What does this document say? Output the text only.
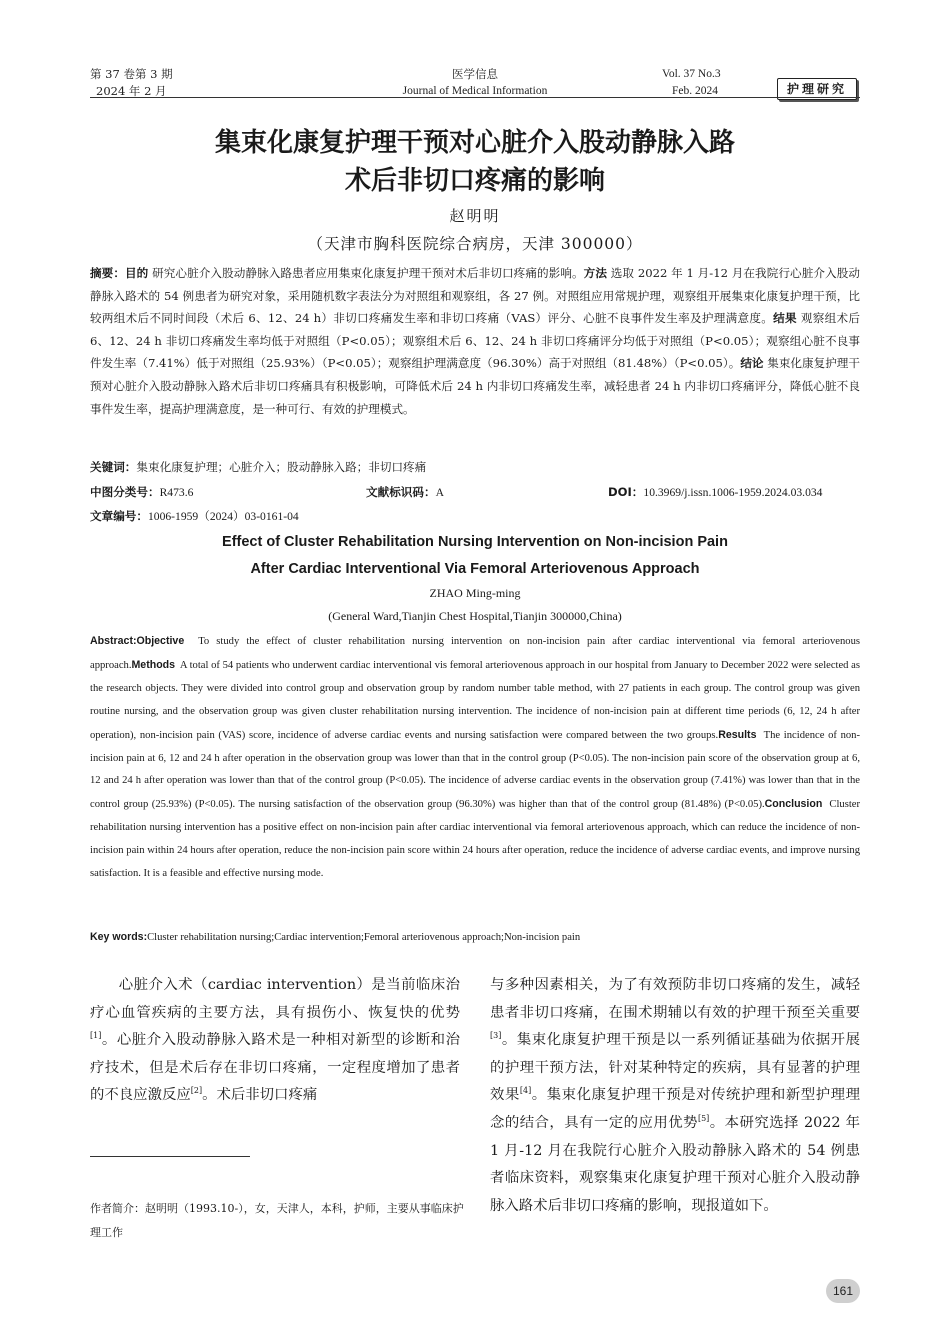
第 37 卷第 3 期
2024 年 2 月
医学信息
Journal of Medical Information
Vol. 37 No.3
Feb. 2024	护理研究
集束化康复护理干预对心脏介入股动静脉入路
术后非切口疼痛的影响
赵明明
（天津市胸科医院综合病房，天津 300000）
摘要：目的 研究心脏介入股动静脉入路患者应用集束化康复护理干预对术后非切口疼痛的影响。方法 选取 2022 年 1 月-12 月在我院行心脏介入股动静脉入路术的 54 例患者为研究对象，采用随机数字表法分为对照组和观察组，各 27 例。对照组应用常规护理，观察组开展集束化康复护理干预，比较两组术后不同时间段（术后 6、12、24 h）非切口疼痛发生率和非切口疼痛（VAS）评分、心脏不良事件发生率及护理满意度。结果 观察组术后 6、12、24 h 非切口疼痛发生率均低于对照组（P<0.05）；观察组术后 6、12、24 h 非切口疼痛评分均低于对照组（P<0.05）；观察组心脏不良事件发生率（7.41%）低于对照组（25.93%）（P<0.05）；观察组护理满意度（96.30%）高于对照组（81.48%）（P<0.05）。结论 集束化康复护理干预对心脏介入股动静脉入路术后非切口疼痛具有积极影响，可降低术后 24 h 内非切口疼痛发生率，减轻患者 24 h 内非切口疼痛评分，降低心脏不良事件发生率，提高护理满意度，是一种可行、有效的护理模式。
关键词：集束化康复护理；心脏介入；股动静脉入路；非切口疼痛
中图分类号：R473.6	文献标识码：A	DOI：10.3969/j.issn.1006-1959.2024.03.034
文章编号：1006-1959（2024）03-0161-04
Effect of Cluster Rehabilitation Nursing Intervention on Non-incision Pain
After Cardiac Interventional Via Femoral Arteriovenous Approach
ZHAO Ming-ming
(General Ward,Tianjin Chest Hospital,Tianjin 300000,China)
Abstract:Objective To study the effect of cluster rehabilitation nursing intervention on non-incision pain after cardiac interventional via femoral arteriovenous approach.Methods A total of 54 patients who underwent cardiac interventional vis femoral arteriovenous approach in our hospital from January to December 2022 were selected as the research objects. They were divided into control group and observation group by random number table method, with 27 patients in each group. The control group was given routine nursing, and the observation group was given cluster rehabilitation nursing intervention. The incidence of non-incision pain at different time periods (6, 12, 24 h after operation), non-incision pain (VAS) score, incidence of adverse cardiac events and nursing satisfaction were compared between the two groups.Results The incidence of non-incision pain at 6, 12 and 24 h after operation in the observation group was lower than that in the control group (P<0.05). The non-incision pain score of the observation group at 6, 12 and 24 h after operation was lower than that of the control group (P<0.05). The incidence of adverse cardiac events in the observation group (7.41%) was lower than that in the control group (25.93%) (P<0.05). The nursing satisfaction of the observation group (96.30%) was higher than that of the control group (81.48%) (P<0.05).Conclusion Cluster rehabilitation nursing intervention has a positive effect on non-incision pain after cardiac interventional via femoral arteriovenous approach, which can reduce the incidence of non-incision pain within 24 hours after operation, reduce the non-incision pain score within 24 hours after operation, reduce the incidence of adverse cardiac events, and improve nursing satisfaction. It is a feasible and effective nursing mode.
Key words:Cluster rehabilitation nursing;Cardiac intervention;Femoral arteriovenous approach;Non-incision pain
心脏介入术（cardiac intervention）是当前临床治疗心血管疾病的主要方法，具有损伤小、恢复快的优势[1]。心脏介入股动静脉入路术是一种相对新型的诊断和治疗技术，但是术后存在非切口疼痛，一定程度增加了患者的不良应激反应[2]。术后非切口疼痛
与多种因素相关，为了有效预防非切口疼痛的发生，减轻患者非切口疼痛，在围术期辅以有效的护理干预至关重要[3]。集束化康复护理干预是以一系列循证基础为依据开展的护理干预方法，针对某种特定的疾病，具有显著的护理效果[4]。集束化康复护理干预是对传统护理和新型护理理念的结合，具有一定的应用优势[5]。本研究选择 2022 年 1 月-12 月在我院行心脏介入股动静脉入路术的 54 例患者临床资料，观察集束化康复护理干预对心脏介入股动静脉入路术后非切口疼痛的影响，现报道如下。
作者简介：赵明明（1993.10-），女，天津人，本科，护师，主要从事临床护理工作
161
